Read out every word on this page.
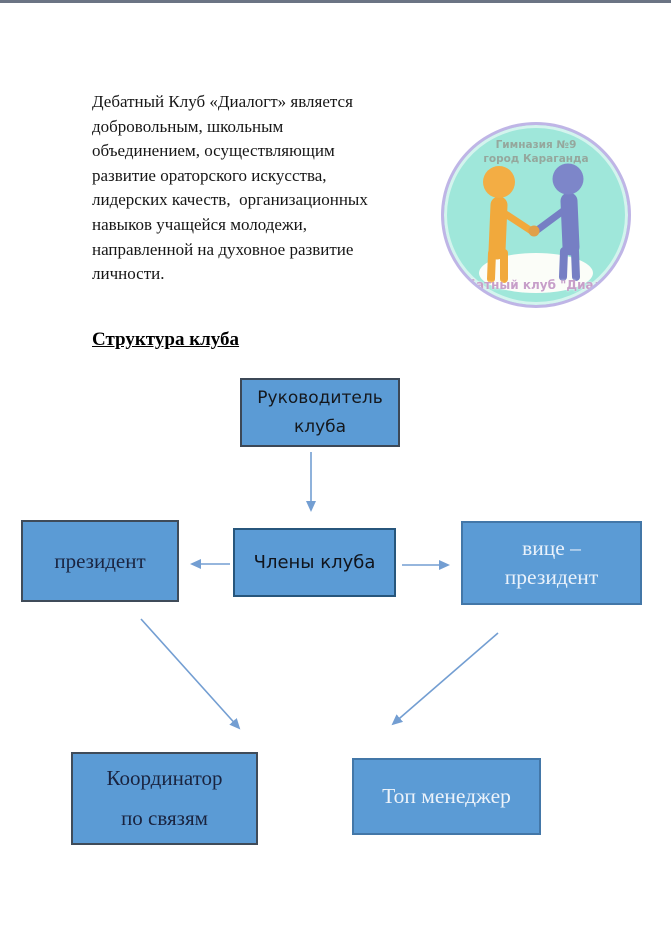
Дебатный Клуб «Диалогт» является
добровольным, школьным
объединением, осуществляющим
развитие ораторского искусства,
лидерских качеств,  организационных
навыков учащейся молодежи,
направленной на духовное развитие
личности.
Гимназия №9
город Караганда
Дебатный клуб "Диалог"
Структура клуба
Руководитель
клуба
президент	Члены клуба
вице –
президент
Координатор
по связям
Топ менеджер
